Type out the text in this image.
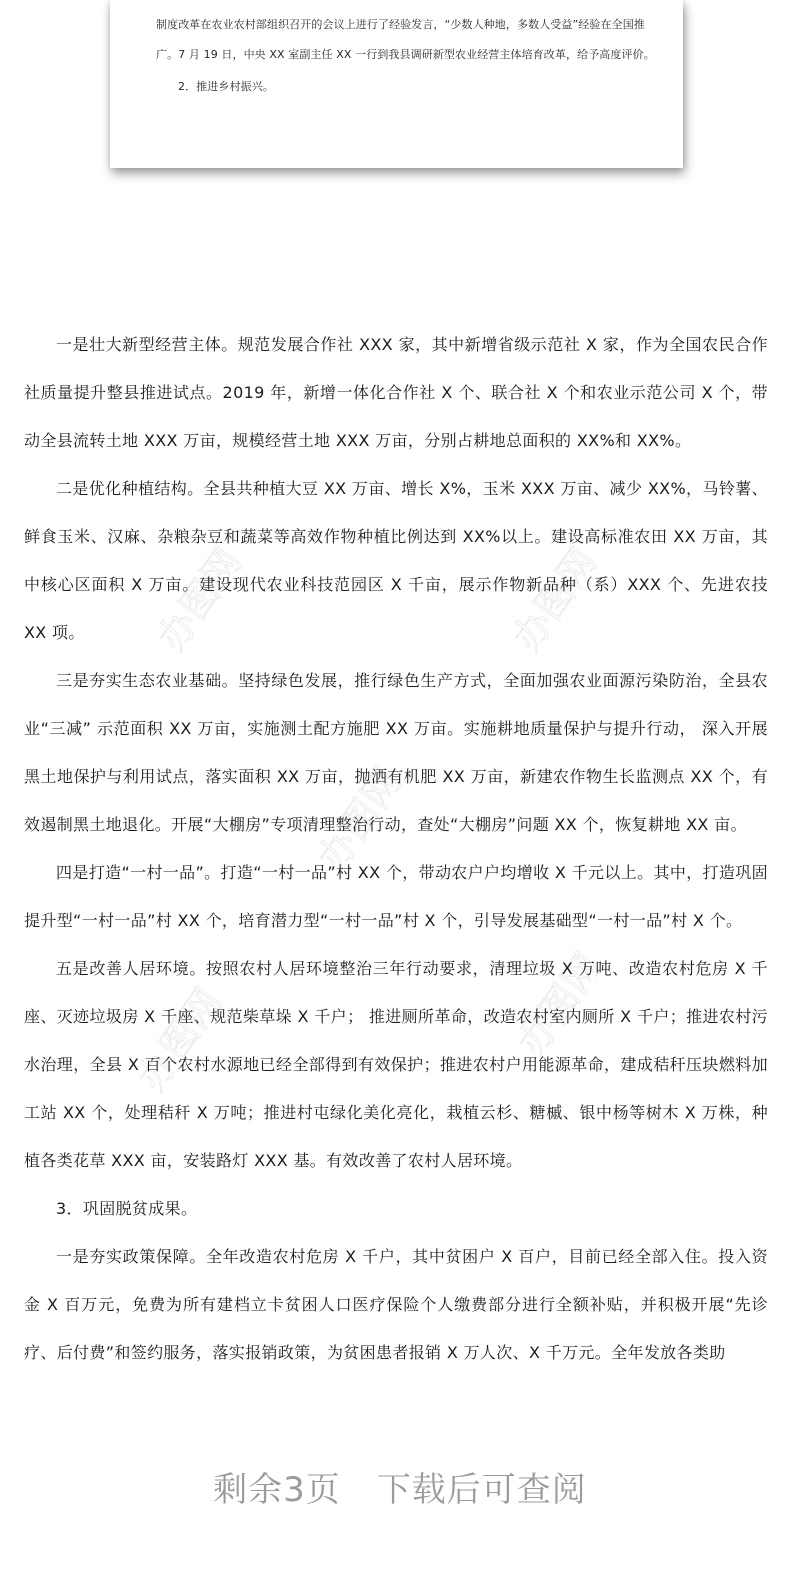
制度改革在农业农村部组织召开的会议上进行了经验发言，“少数人种地，多数人受益”经验在全国推

广。7 月 19 日，中央 XX 室副主任 XX 一行到我县调研新型农业经营主体培育改革，给予高度评价。

2．推进乡村振兴。

一是壮大新型经营主体。规范发展合作社 XXX 家，其中新增省级示范社 X 家，作为全国农民合作社质量提升整县推进试点。2019 年，新增一体化合作社 X 个、联合社 X 个和农业示范公司 X 个，带动全县流转土地 XXX 万亩，规模经营土地 XXX 万亩，分别占耕地总面积的 XX%和 XX%。

二是优化种植结构。全县共种植大豆 XX 万亩、增长 X%，玉米 XXX 万亩、减少 XX%，马铃薯、鲜食玉米、汉麻、杂粮杂豆和蔬菜等高效作物种植比例达到 XX%以上。建设高标准农田 XX 万亩，其中核心区面积 X 万亩。建设现代农业科技范园区 X 千亩，展示作物新品种（系）XXX 个、先进农技 XX 项。

三是夯实生态农业基础。坚持绿色发展，推行绿色生产方式，全面加强农业面源污染防治，全县农业“三减” 示范面积 XX 万亩，实施测土配方施肥 XX 万亩。实施耕地质量保护与提升行动， 深入开展黑土地保护与利用试点，落实面积 XX 万亩，抛洒有机肥 XX 万亩，新建农作物生长监测点 XX 个，有效遏制黑土地退化。开展“大棚房”专项清理整治行动，查处“大棚房”问题 XX 个，恢复耕地 XX 亩。

四是打造“一村一品”。打造“一村一品”村 XX 个，带动农户户均增收 X 千元以上。其中，打造巩固提升型“一村一品”村 XX 个，培育潜力型“一村一品”村 X 个，引导发展基础型“一村一品”村 X 个。

五是改善人居环境。按照农村人居环境整治三年行动要求，清理垃圾 X 万吨、改造农村危房 X 千座、灭迹垃圾房 X 千座、规范柴草垛 X 千户； 推进厕所革命，改造农村室内厕所 X 千户；推进农村污水治理，全县 X 百个农村水源地已经全部得到有效保护；推进农村户用能源革命，建成秸秆压块燃料加工站 XX 个，处理秸秆 X 万吨；推进村屯绿化美化亮化，栽植云杉、糖槭、银中杨等树木 X 万株，种植各类花草 XXX 亩，安装路灯 XXX 基。有效改善了农村人居环境。

3．巩固脱贫成果。

一是夯实政策保障。全年改造农村危房 X 千户，其中贫困户 X 百户，目前已经全部入住。投入资金 X 百万元，免费为所有建档立卡贫困人口医疗保险个人缴费部分进行全额补贴，并积极开展“先诊疗、后付费”和签约服务，落实报销政策，为贫困患者报销 X 万人次、X 千万元。全年发放各类助

办图网	办图网
办图网
办图网	办图网
剩余3页 下载后可查阅
